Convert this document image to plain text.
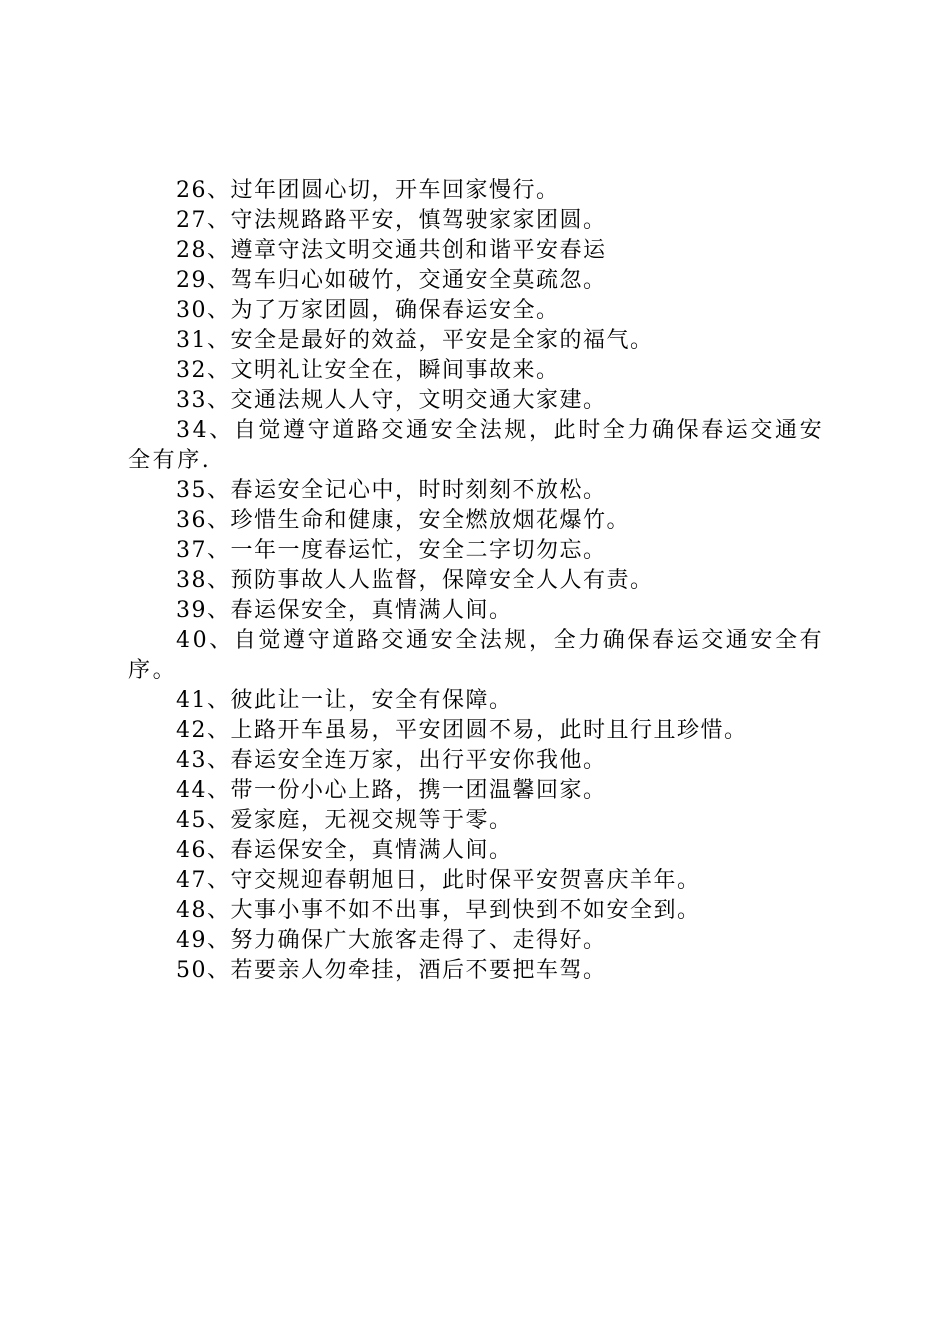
26、过年团圆心切，开车回家慢行。

27、守法规路路平安，慎驾驶家家团圆。

28、遵章守法文明交通共创和谐平安春运

29、驾车归心如破竹，交通安全莫疏忽。

30、为了万家团圆，确保春运安全。

31、安全是最好的效益，平安是全家的福气。

32、文明礼让安全在，瞬间事故来。

33、交通法规人人守，文明交通大家建。

34、自觉遵守道路交通安全法规，此时全力确保春运交通安全有序.

35、春运安全记心中，时时刻刻不放松。

36、珍惜生命和健康，安全燃放烟花爆竹。

37、一年一度春运忙，安全二字切勿忘。

38、预防事故人人监督，保障安全人人有责。

39、春运保安全，真情满人间。

40、自觉遵守道路交通安全法规，全力确保春运交通安全有序。

41、彼此让一让，安全有保障。

42、上路开车虽易，平安团圆不易，此时且行且珍惜。

43、春运安全连万家，出行平安你我他。

44、带一份小心上路，携一团温馨回家。

45、爱家庭，无视交规等于零。

46、春运保安全，真情满人间。

47、守交规迎春朝旭日，此时保平安贺喜庆羊年。

48、大事小事不如不出事，早到快到不如安全到。

49、努力确保广大旅客走得了、走得好。

50、若要亲人勿牵挂，酒后不要把车驾。
